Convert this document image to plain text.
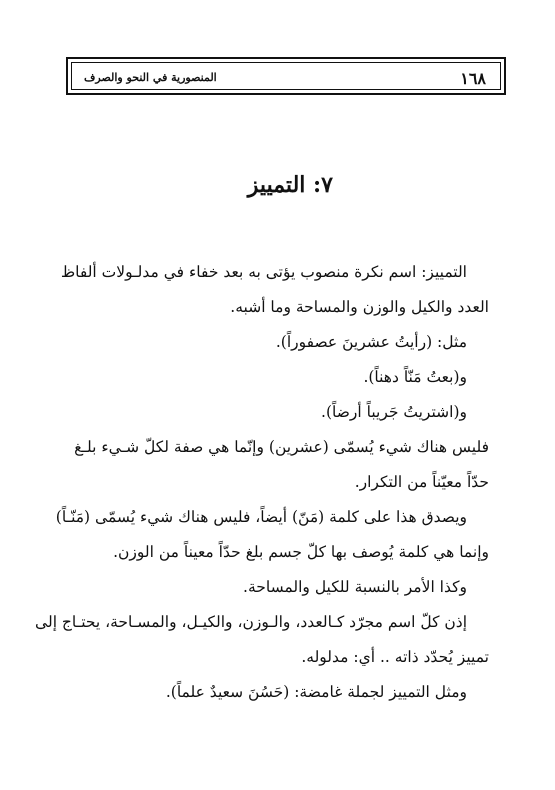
المنصورية في النحو والصرف	١٦٨
٧: التمييز

التمييز: اسم نكرة منصوب يؤتى به بعد خفاء في مدلـولات ألفاظ

العدد والكيل والوزن والمساحة وما أشبه.

مثل: (رأيتُ عشرينَ عصفوراً).

و(بعتُ مَنّاً دهناً).

و(اشتريتُ جَريباً أرضاً).

فليس هناك شيء يُسمّى (عشرين) وإنّما هي صفة لكلّ شـيء بلـغ

حدّاً معيّناً من التكرار.

ويصدق هذا على كلمة (مَنّ) أيضاً، فليس هناك شيء يُسمّى (مَنّـاً)

وإنما هي كلمة يُوصف بها كلّ جسم بلغ حدّاً معيناً من الوزن.

وكذا الأمر بالنسبة للكيل والمساحة.

إذن كلّ اسم مجرّد كـالعدد، والـوزن، والكيـل، والمسـاحة، يحتـاج إلى

تمييز يُحدّد ذاته .. أي: مدلوله.

ومثل التمييز لجملة غامضة: (حَسُنَ سعيدٌ علماً).
